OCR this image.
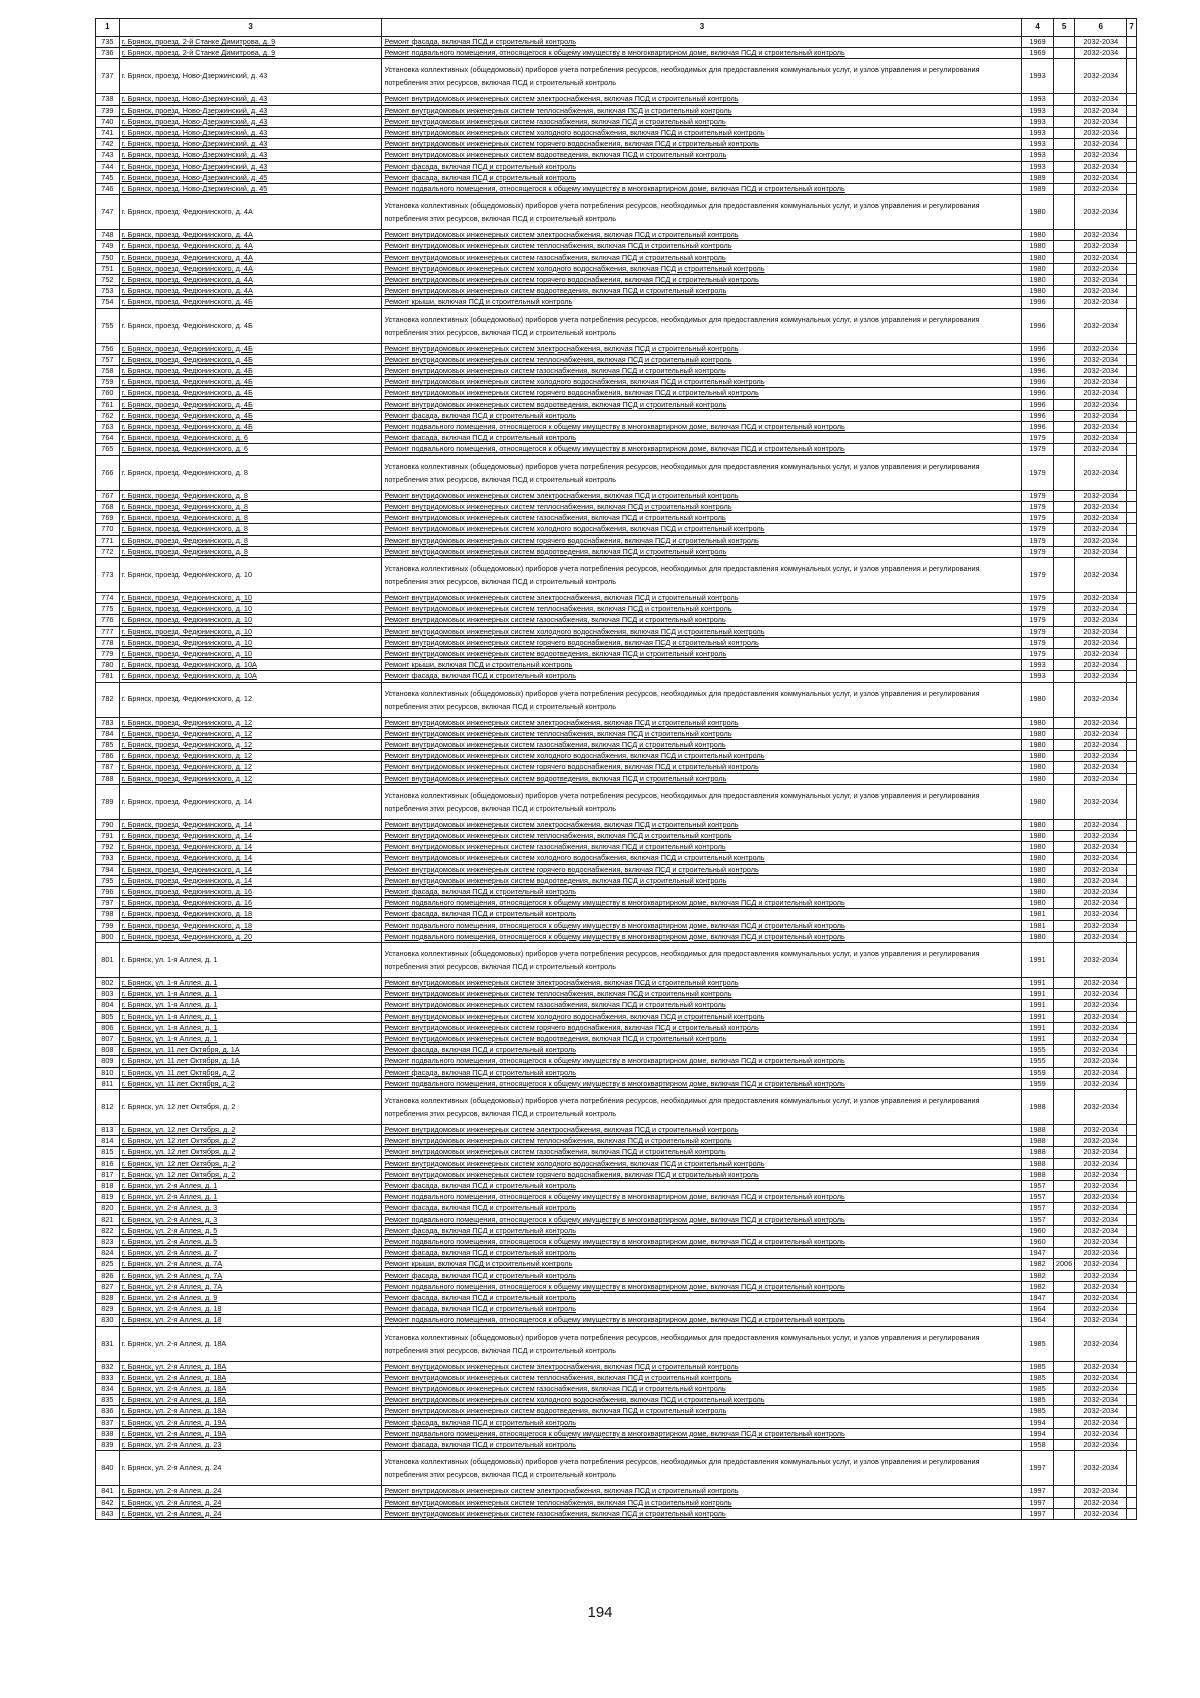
1	3	3	4	5	6	7
735	г. Брянск, проезд. 2-й Станке Димитрова, д. 9	Ремонт фасада, включая ПСД и строительный контроль	1969		2032-2034	
736	г. Брянск, проезд. 2-й Станке Димитрова, д. 9	Ремонт подвального помещения, относящегося к общему имуществу в многоквартирном доме, включая ПСД и строительный контроль	1969		2032-2034	
737	г. Брянск, проезд. Ново-Дзержинский, д. 43	Установка коллективных (общедомовых) приборов учета потребления ресурсов, необходимых для предоставления коммунальных услуг, и узлов управления и регулирования потребления этих ресурсов, включая ПСД и строительный контроль	1993		2032-2034	
738	г. Брянск, проезд. Ново-Дзержинский, д. 43	Ремонт внутридомовых инженерных систем электроснабжения, включая ПСД и строительный контроль	1993		2032-2034	
739	г. Брянск, проезд. Ново-Дзержинский, д. 43	Ремонт внутридомовых инженерных систем теплоснабжения, включая ПСД и строительный контроль	1993		2032-2034	
740	г. Брянск, проезд. Ново-Дзержинский, д. 43	Ремонт внутридомовых инженерных систем газоснабжения, включая ПСД и строительный контроль	1993		2032-2034	
741	г. Брянск, проезд. Ново-Дзержинский, д. 43	Ремонт внутридомовых инженерных систем холодного водоснабжения, включая ПСД и строительный контроль	1993		2032-2034	
742	г. Брянск, проезд. Ново-Дзержинский, д. 43	Ремонт внутридомовых инженерных систем горячего водоснабжения, включая ПСД и строительный контроль	1993		2032-2034	
743	г. Брянск, проезд. Ново-Дзержинский, д. 43	Ремонт внутридомовых инженерных систем водоотведения, включая ПСД и строительный контроль	1993		2032-2034	
744	г. Брянск, проезд. Ново-Дзержинский, д. 43	Ремонт фасада, включая ПСД и строительный контроль	1993		2032-2034	
745	г. Брянск, проезд. Ново-Дзержинский, д. 45	Ремонт фасада, включая ПСД и строительный контроль	1989		2032-2034	
746	г. Брянск, проезд. Ново-Дзержинский, д. 45	Ремонт подвального помещения, относящегося к общему имуществу в многоквартирном доме, включая ПСД и строительный контроль	1989		2032-2034	
747	г. Брянск, проезд. Федюнинского, д. 4А	Установка коллективных (общедомовых) приборов учета потребления ресурсов, необходимых для предоставления коммунальных услуг, и узлов управления и регулирования потребления этих ресурсов, включая ПСД и строительный контроль	1980		2032-2034	
748	г. Брянск, проезд. Федюнинского, д. 4А	Ремонт внутридомовых инженерных систем электроснабжения, включая ПСД и строительный контроль	1980		2032-2034	
749	г. Брянск, проезд. Федюнинского, д. 4А	Ремонт внутридомовых инженерных систем теплоснабжения, включая ПСД и строительный контроль	1980		2032-2034	
750	г. Брянск, проезд. Федюнинского, д. 4А	Ремонт внутридомовых инженерных систем газоснабжения, включая ПСД и строительный контроль	1980		2032-2034	
751	г. Брянск, проезд. Федюнинского, д. 4А	Ремонт внутридомовых инженерных систем холодного водоснабжения, включая ПСД и строительный контроль	1980		2032-2034	
752	г. Брянск, проезд. Федюнинского, д. 4А	Ремонт внутридомовых инженерных систем горячего водоснабжения, включая ПСД и строительный контроль	1980		2032-2034	
753	г. Брянск, проезд. Федюнинского, д. 4А	Ремонт внутридомовых инженерных систем водоотведения, включая ПСД и строительный контроль	1980		2032-2034	
754	г. Брянск, проезд. Федюнинского, д. 4Б	Ремонт крыши, включая ПСД и строительный контроль	1996		2032-2034	
755	г. Брянск, проезд. Федюнинского, д. 4Б	Установка коллективных (общедомовых) приборов учета потребления ресурсов, необходимых для предоставления коммунальных услуг, и узлов управления и регулирования потребления этих ресурсов, включая ПСД и строительный контроль	1996		2032-2034	
756	г. Брянск, проезд. Федюнинского, д. 4Б	Ремонт внутридомовых инженерных систем электроснабжения, включая ПСД и строительный контроль	1996		2032-2034	
757	г. Брянск, проезд. Федюнинского, д. 4Б	Ремонт внутридомовых инженерных систем теплоснабжения, включая ПСД и строительный контроль	1996		2032-2034	
758	г. Брянск, проезд. Федюнинского, д. 4Б	Ремонт внутридомовых инженерных систем газоснабжения, включая ПСД и строительный контроль	1996		2032-2034	
759	г. Брянск, проезд. Федюнинского, д. 4Б	Ремонт внутридомовых инженерных систем холодного водоснабжения, включая ПСД и строительный контроль	1996		2032-2034	
760	г. Брянск, проезд. Федюнинского, д. 4Б	Ремонт внутридомовых инженерных систем горячего водоснабжения, включая ПСД и строительный контроль	1996		2032-2034	
761	г. Брянск, проезд. Федюнинского, д. 4Б	Ремонт внутридомовых инженерных систем водоотведения, включая ПСД и строительный контроль	1996		2032-2034	
762	г. Брянск, проезд. Федюнинского, д. 4Б	Ремонт фасада, включая ПСД и строительный контроль	1996		2032-2034	
763	г. Брянск, проезд. Федюнинского, д. 4Б	Ремонт подвального помещения, относящегося к общему имуществу в многоквартирном доме, включая ПСД и строительный контроль	1996		2032-2034	
764	г. Брянск, проезд. Федюнинского, д. 6	Ремонт фасада, включая ПСД и строительный контроль	1979		2032-2034	
765	г. Брянск, проезд. Федюнинского, д. 6	Ремонт подвального помещения, относящегося к общему имуществу в многоквартирном доме, включая ПСД и строительный контроль	1979		2032-2034	
766	г. Брянск, проезд. Федюнинского, д. 8	Установка коллективных (общедомовых) приборов учета потребления ресурсов, необходимых для предоставления коммунальных услуг, и узлов управления и регулирования потребления этих ресурсов, включая ПСД и строительный контроль	1979		2032-2034	
767	г. Брянск, проезд. Федюнинского, д. 8	Ремонт внутридомовых инженерных систем электроснабжения, включая ПСД и строительный контроль	1979		2032-2034	
768	г. Брянск, проезд. Федюнинского, д. 8	Ремонт внутридомовых инженерных систем теплоснабжения, включая ПСД и строительный контроль	1979		2032-2034	
769	г. Брянск, проезд. Федюнинского, д. 8	Ремонт внутридомовых инженерных систем газоснабжения, включая ПСД и строительный контроль	1979		2032-2034	
770	г. Брянск, проезд. Федюнинского, д. 8	Ремонт внутридомовых инженерных систем холодного водоснабжения, включая ПСД и строительный контроль	1979		2032-2034	
771	г. Брянск, проезд. Федюнинского, д. 8	Ремонт внутридомовых инженерных систем горячего водоснабжения, включая ПСД и строительный контроль	1979		2032-2034	
772	г. Брянск, проезд. Федюнинского, д. 8	Ремонт внутридомовых инженерных систем водоотведения, включая ПСД и строительный контроль	1979		2032-2034	
773	г. Брянск, проезд. Федюнинского, д. 10	Установка коллективных (общедомовых) приборов учета потребления ресурсов, необходимых для предоставления коммунальных услуг, и узлов управления и регулирования потребления этих ресурсов, включая ПСД и строительный контроль	1979		2032-2034	
774	г. Брянск, проезд. Федюнинского, д. 10	Ремонт внутридомовых инженерных систем электроснабжения, включая ПСД и строительный контроль	1979		2032-2034	
775	г. Брянск, проезд. Федюнинского, д. 10	Ремонт внутридомовых инженерных систем теплоснабжения, включая ПСД и строительный контроль	1979		2032-2034	
776	г. Брянск, проезд. Федюнинского, д. 10	Ремонт внутридомовых инженерных систем газоснабжения, включая ПСД и строительный контроль	1979		2032-2034	
777	г. Брянск, проезд. Федюнинского, д. 10	Ремонт внутридомовых инженерных систем холодного водоснабжения, включая ПСД и строительный контроль	1979		2032-2034	
778	г. Брянск, проезд. Федюнинского, д. 10	Ремонт внутридомовых инженерных систем горячего водоснабжения, включая ПСД и строительный контроль	1979		2032-2034	
779	г. Брянск, проезд. Федюнинского, д. 10	Ремонт внутридомовых инженерных систем водоотведения, включая ПСД и строительный контроль	1979		2032-2034	
780	г. Брянск, проезд. Федюнинского, д. 10А	Ремонт крыши, включая ПСД и строительный контроль	1993		2032-2034	
781	г. Брянск, проезд. Федюнинского, д. 10А	Ремонт фасада, включая ПСД и строительный контроль	1993		2032-2034	
782	г. Брянск, проезд. Федюнинского, д. 12	Установка коллективных (общедомовых) приборов учета потребления ресурсов, необходимых для предоставления коммунальных услуг, и узлов управления и регулирования потребления этих ресурсов, включая ПСД и строительный контроль	1980		2032-2034	
783	г. Брянск, проезд. Федюнинского, д. 12	Ремонт внутридомовых инженерных систем электроснабжения, включая ПСД и строительный контроль	1980		2032-2034	
784	г. Брянск, проезд. Федюнинского, д. 12	Ремонт внутридомовых инженерных систем теплоснабжения, включая ПСД и строительный контроль	1980		2032-2034	
785	г. Брянск, проезд. Федюнинского, д. 12	Ремонт внутридомовых инженерных систем газоснабжения, включая ПСД и строительный контроль	1980		2032-2034	
786	г. Брянск, проезд. Федюнинского, д. 12	Ремонт внутридомовых инженерных систем холодного водоснабжения, включая ПСД и строительный контроль	1980		2032-2034	
787	г. Брянск, проезд. Федюнинского, д. 12	Ремонт внутридомовых инженерных систем горячего водоснабжения, включая ПСД и строительный контроль	1980		2032-2034	
788	г. Брянск, проезд. Федюнинского, д. 12	Ремонт внутридомовых инженерных систем водоотведения, включая ПСД и строительный контроль	1980		2032-2034	
789	г. Брянск, проезд. Федюнинского, д. 14	Установка коллективных (общедомовых) приборов учета потребления ресурсов, необходимых для предоставления коммунальных услуг, и узлов управления и регулирования потребления этих ресурсов, включая ПСД и строительный контроль	1980		2032-2034	
790	г. Брянск, проезд. Федюнинского, д. 14	Ремонт внутридомовых инженерных систем электроснабжения, включая ПСД и строительный контроль	1980		2032-2034	
791	г. Брянск, проезд. Федюнинского, д. 14	Ремонт внутридомовых инженерных систем теплоснабжения, включая ПСД и строительный контроль	1980		2032-2034	
792	г. Брянск, проезд. Федюнинского, д. 14	Ремонт внутридомовых инженерных систем газоснабжения, включая ПСД и строительный контроль	1980		2032-2034	
793	г. Брянск, проезд. Федюнинского, д. 14	Ремонт внутридомовых инженерных систем холодного водоснабжения, включая ПСД и строительный контроль	1980		2032-2034	
794	г. Брянск, проезд. Федюнинского, д. 14	Ремонт внутридомовых инженерных систем горячего водоснабжения, включая ПСД и строительный контроль	1980		2032-2034	
795	г. Брянск, проезд. Федюнинского, д. 14	Ремонт внутридомовых инженерных систем водоотведения, включая ПСД и строительный контроль	1980		2032-2034	
796	г. Брянск, проезд. Федюнинского, д. 16	Ремонт фасада, включая ПСД и строительный контроль	1980		2032-2034	
797	г. Брянск, проезд. Федюнинского, д. 16	Ремонт подвального помещения, относящегося к общему имуществу в многоквартирном доме, включая ПСД и строительный контроль	1980		2032-2034	
798	г. Брянск, проезд. Федюнинского, д. 18	Ремонт фасада, включая ПСД и строительный контроль	1981		2032-2034	
799	г. Брянск, проезд. Федюнинского, д. 18	Ремонт подвального помещения, относящегося к общему имуществу в многоквартирном доме, включая ПСД и строительный контроль	1981		2032-2034	
800	г. Брянск, проезд. Федюнинского, д. 20	Ремонт подвального помещения, относящегося к общему имуществу в многоквартирном доме, включая ПСД и строительный контроль	1980		2032-2034	
801	г. Брянск, ул. 1-я Аллея, д. 1	Установка коллективных (общедомовых) приборов учета потребления ресурсов, необходимых для предоставления коммунальных услуг, и узлов управления и регулирования потребления этих ресурсов, включая ПСД и строительный контроль	1991		2032-2034	
802	г. Брянск, ул. 1-я Аллея, д. 1	Ремонт внутридомовых инженерных систем электроснабжения, включая ПСД и строительный контроль	1991		2032-2034	
803	г. Брянск, ул. 1-я Аллея, д. 1	Ремонт внутридомовых инженерных систем теплоснабжения, включая ПСД и строительный контроль	1991		2032-2034	
804	г. Брянск, ул. 1-я Аллея, д. 1	Ремонт внутридомовых инженерных систем газоснабжения, включая ПСД и строительный контроль	1991		2032-2034	
805	г. Брянск, ул. 1-я Аллея, д. 1	Ремонт внутридомовых инженерных систем холодного водоснабжения, включая ПСД и строительный контроль	1991		2032-2034	
806	г. Брянск, ул. 1-я Аллея, д. 1	Ремонт внутридомовых инженерных систем горячего водоснабжения, включая ПСД и строительный контроль	1991		2032-2034	
807	г. Брянск, ул. 1-я Аллея, д. 1	Ремонт внутридомовых инженерных систем водоотведения, включая ПСД и строительный контроль	1991		2032-2034	
808	г. Брянск, ул. 11 лет Октября, д. 1А	Ремонт фасада, включая ПСД и строительный контроль	1955		2032-2034	
809	г. Брянск, ул. 11 лет Октября, д. 1А	Ремонт подвального помещения, относящегося к общему имуществу в многоквартирном доме, включая ПСД и строительный контроль	1955		2032-2034	
810	г. Брянск, ул. 11 лет Октября, д. 2	Ремонт фасада, включая ПСД и строительный контроль	1959		2032-2034	
811	г. Брянск, ул. 11 лет Октября, д. 2	Ремонт подвального помещения, относящегося к общему имуществу в многоквартирном доме, включая ПСД и строительный контроль	1959		2032-2034	
812	г. Брянск, ул. 12 лет Октября, д. 2	Установка коллективных (общедомовых) приборов учета потребления ресурсов, необходимых для предоставления коммунальных услуг, и узлов управления и регулирования потребления этих ресурсов, включая ПСД и строительный контроль	1988		2032-2034	
813	г. Брянск, ул. 12 лет Октября, д. 2	Ремонт внутридомовых инженерных систем электроснабжения, включая ПСД и строительный контроль	1988		2032-2034	
814	г. Брянск, ул. 12 лет Октября, д. 2	Ремонт внутридомовых инженерных систем теплоснабжения, включая ПСД и строительный контроль	1988		2032-2034	
815	г. Брянск, ул. 12 лет Октября, д. 2	Ремонт внутридомовых инженерных систем газоснабжения, включая ПСД и строительный контроль	1988		2032-2034	
816	г. Брянск, ул. 12 лет Октября, д. 2	Ремонт внутридомовых инженерных систем холодного водоснабжения, включая ПСД и строительный контроль	1988		2032-2034	
817	г. Брянск, ул. 12 лет Октября, д. 2	Ремонт внутридомовых инженерных систем горячего водоснабжения, включая ПСД и строительный контроль	1988		2032-2034	
818	г. Брянск, ул. 2-я Аллея, д. 1	Ремонт фасада, включая ПСД и строительный контроль	1957		2032-2034	
819	г. Брянск, ул. 2-я Аллея, д. 1	Ремонт подвального помещения, относящегося к общему имуществу в многоквартирном доме, включая ПСД и строительный контроль	1957		2032-2034	
820	г. Брянск, ул. 2-я Аллея, д. 3	Ремонт фасада, включая ПСД и строительный контроль	1957		2032-2034	
821	г. Брянск, ул. 2-я Аллея, д. 3	Ремонт подвального помещения, относящегося к общему имуществу в многоквартирном доме, включая ПСД и строительный контроль	1957		2032-2034	
822	г. Брянск, ул. 2-я Аллея, д. 5	Ремонт фасада, включая ПСД и строительный контроль	1960		2032-2034	
823	г. Брянск, ул. 2-я Аллея, д. 5	Ремонт подвального помещения, относящегося к общему имуществу в многоквартирном доме, включая ПСД и строительный контроль	1960		2032-2034	
824	г. Брянск, ул. 2-я Аллея, д. 7	Ремонт фасада, включая ПСД и строительный контроль	1947		2032-2034	
825	г. Брянск, ул. 2-я Аллея, д. 7А	Ремонт крыши, включая ПСД и строительный контроль	1982	2006	2032-2034	
826	г. Брянск, ул. 2-я Аллея, д. 7А	Ремонт фасада, включая ПСД и строительный контроль	1982		2032-2034	
827	г. Брянск, ул. 2-я Аллея, д. 7А	Ремонт подвального помещения, относящегося к общему имуществу в многоквартирном доме, включая ПСД и строительный контроль	1982		2032-2034	
828	г. Брянск, ул. 2-я Аллея, д. 9	Ремонт фасада, включая ПСД и строительный контроль	1947		2032-2034	
829	г. Брянск, ул. 2-я Аллея, д. 18	Ремонт фасада, включая ПСД и строительный контроль	1964		2032-2034	
830	г. Брянск, ул. 2-я Аллея, д. 18	Ремонт подвального помещения, относящегося к общему имуществу в многоквартирном доме, включая ПСД и строительный контроль	1964		2032-2034	
831	г. Брянск, ул. 2-я Аллея, д. 18А	Установка коллективных (общедомовых) приборов учета потребления ресурсов, необходимых для предоставления коммунальных услуг, и узлов управления и регулирования потребления этих ресурсов, включая ПСД и строительный контроль	1985		2032-2034	
832	г. Брянск, ул. 2-я Аллея, д. 18А	Ремонт внутридомовых инженерных систем электроснабжения, включая ПСД и строительный контроль	1985		2032-2034	
833	г. Брянск, ул. 2-я Аллея, д. 18А	Ремонт внутридомовых инженерных систем теплоснабжения, включая ПСД и строительный контроль	1985		2032-2034	
834	г. Брянск, ул. 2-я Аллея, д. 18А	Ремонт внутридомовых инженерных систем газоснабжения, включая ПСД и строительный контроль	1985		2032-2034	
835	г. Брянск, ул. 2-я Аллея, д. 18А	Ремонт внутридомовых инженерных систем холодного водоснабжения, включая ПСД и строительный контроль	1985		2032-2034	
836	г. Брянск, ул. 2-я Аллея, д. 18А	Ремонт внутридомовых инженерных систем водоотведения, включая ПСД и строительный контроль	1985		2032-2034	
837	г. Брянск, ул. 2-я Аллея, д. 19А	Ремонт фасада, включая ПСД и строительный контроль	1994		2032-2034	
838	г. Брянск, ул. 2-я Аллея, д. 19А	Ремонт подвального помещения, относящегося к общему имуществу в многоквартирном доме, включая ПСД и строительный контроль	1994		2032-2034	
839	г. Брянск, ул. 2-я Аллея, д. 23	Ремонт фасада, включая ПСД и строительный контроль	1958		2032-2034	
840	г. Брянск, ул. 2-я Аллея, д. 24	Установка коллективных (общедомовых) приборов учета потребления ресурсов, необходимых для предоставления коммунальных услуг, и узлов управления и регулирования потребления этих ресурсов, включая ПСД и строительный контроль	1997		2032-2034	
841	г. Брянск, ул. 2-я Аллея, д. 24	Ремонт внутридомовых инженерных систем электроснабжения, включая ПСД и строительный контроль	1997		2032-2034	
842	г. Брянск, ул. 2-я Аллея, д. 24	Ремонт внутридомовых инженерных систем теплоснабжения, включая ПСД и строительный контроль	1997		2032-2034	
843	г. Брянск, ул. 2-я Аллея, д. 24	Ремонт внутридомовых инженерных систем газоснабжения, включая ПСД и строительный контроль	1997		2032-2034	
194
